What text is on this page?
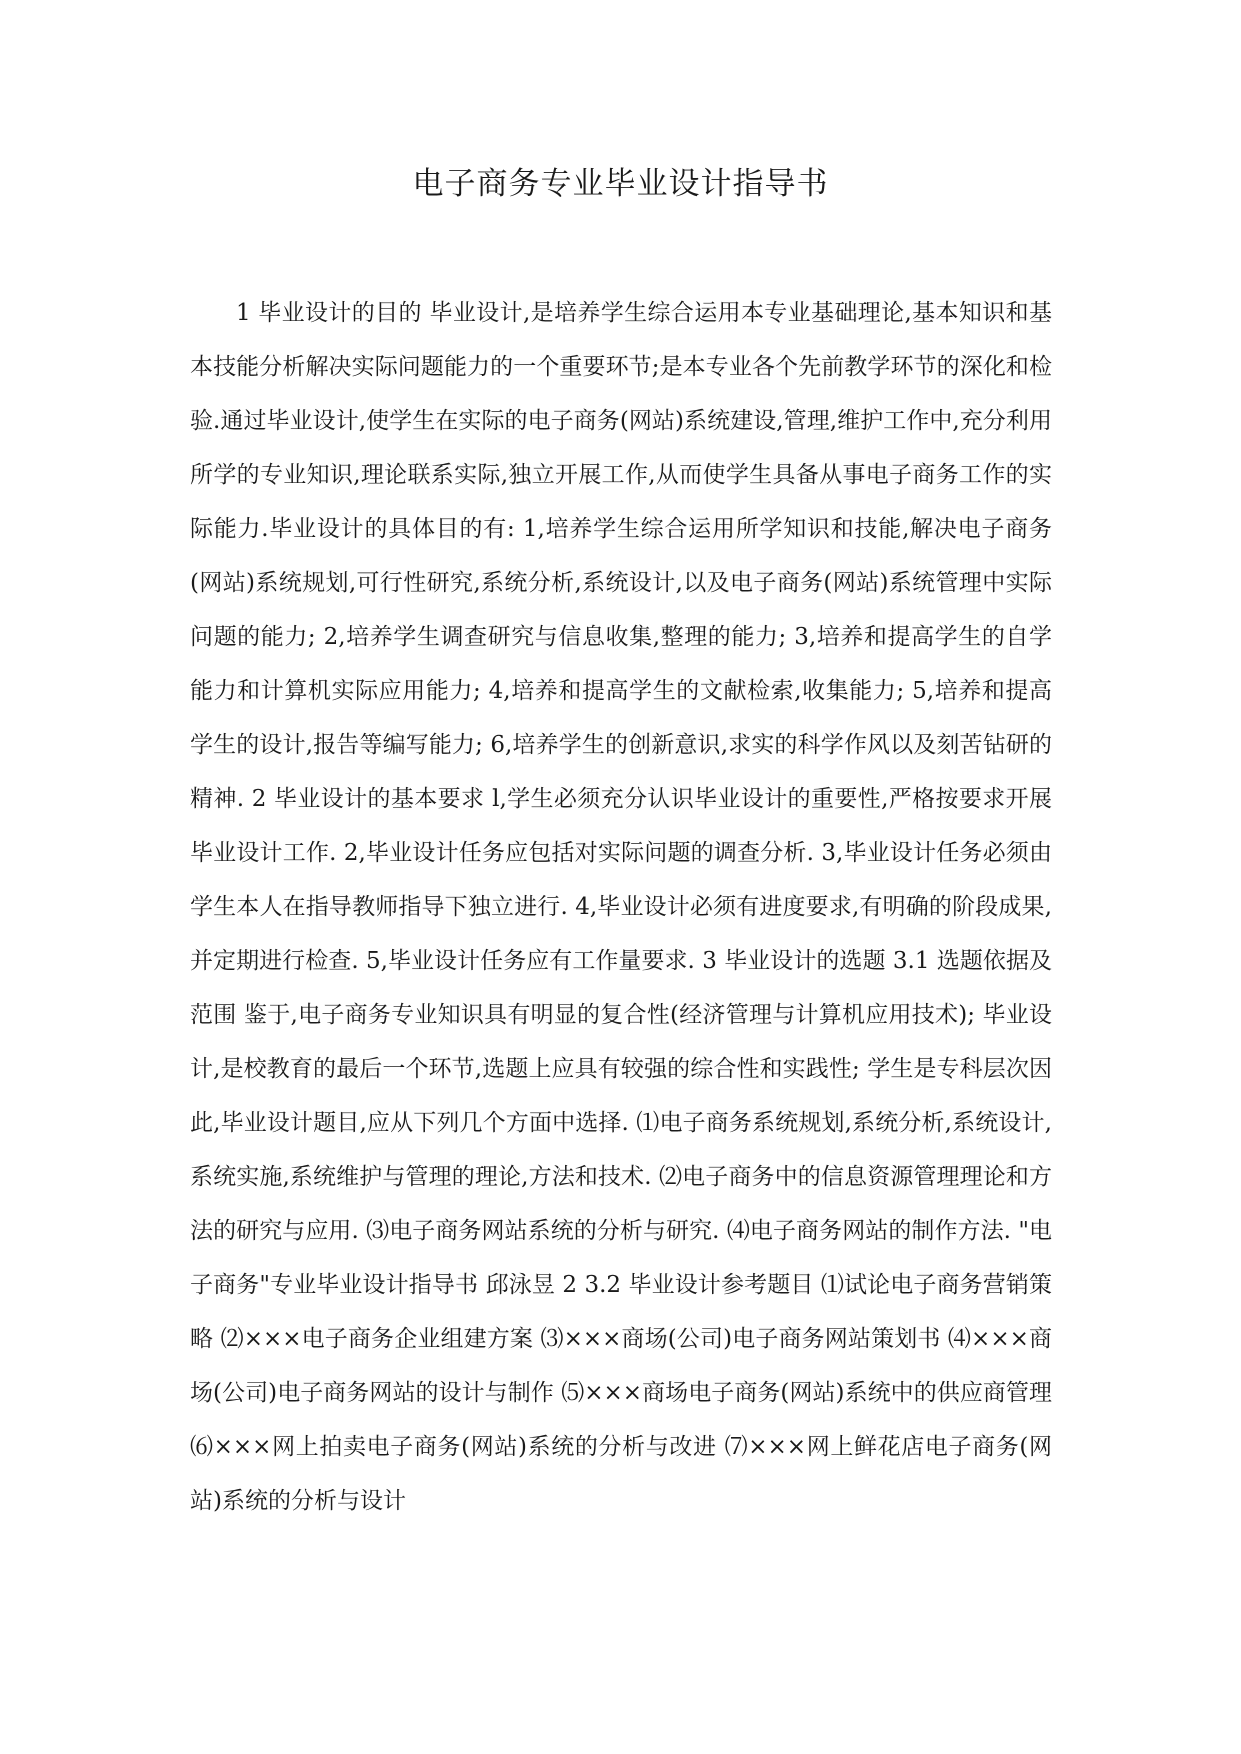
电子商务专业毕业设计指导书

1 毕业设计的目的 毕业设计,是培养学生综合运用本专业基础理论,基本知识和基本技能分析解决实际问题能力的一个重要环节;是本专业各个先前教学环节的深化和检验.通过毕业设计,使学生在实际的电子商务(网站)系统建设,管理,维护工作中,充分利用所学的专业知识,理论联系实际,独立开展工作,从而使学生具备从事电子商务工作的实际能力.毕业设计的具体目的有: 1,培养学生综合运用所学知识和技能,解决电子商务(网站)系统规划,可行性研究,系统分析,系统设计,以及电子商务(网站)系统管理中实际问题的能力; 2,培养学生调查研究与信息收集,整理的能力; 3,培养和提高学生的自学能力和计算机实际应用能力; 4,培养和提高学生的文献检索,收集能力; 5,培养和提高学生的设计,报告等编写能力; 6,培养学生的创新意识,求实的科学作风以及刻苦钻研的精神. 2 毕业设计的基本要求 l,学生必须充分认识毕业设计的重要性,严格按要求开展毕业设计工作. 2,毕业设计任务应包括对实际问题的调查分析. 3,毕业设计任务必须由学生本人在指导教师指导下独立进行. 4,毕业设计必须有进度要求,有明确的阶段成果,并定期进行检查. 5,毕业设计任务应有工作量要求. 3 毕业设计的选题 3.1 选题依据及范围 鉴于,电子商务专业知识具有明显的复合性(经济管理与计算机应用技术); 毕业设计,是校教育的最后一个环节,选题上应具有较强的综合性和实践性; 学生是专科层次因此,毕业设计题目,应从下列几个方面中选择. ⑴电子商务系统规划,系统分析,系统设计,系统实施,系统维护与管理的理论,方法和技术. ⑵电子商务中的信息资源管理理论和方法的研究与应用. ⑶电子商务网站系统的分析与研究. ⑷电子商务网站的制作方法. "电子商务"专业毕业设计指导书 邱泳昱 2 3.2 毕业设计参考题目 ⑴试论电子商务营销策略 ⑵×××电子商务企业组建方案 ⑶×××商场(公司)电子商务网站策划书 ⑷×××商场(公司)电子商务网站的设计与制作 ⑸×××商场电子商务(网站)系统中的供应商管理 ⑹×××网上拍卖电子商务(网站)系统的分析与改进 ⑺×××网上鲜花店电子商务(网站)系统的分析与设计
